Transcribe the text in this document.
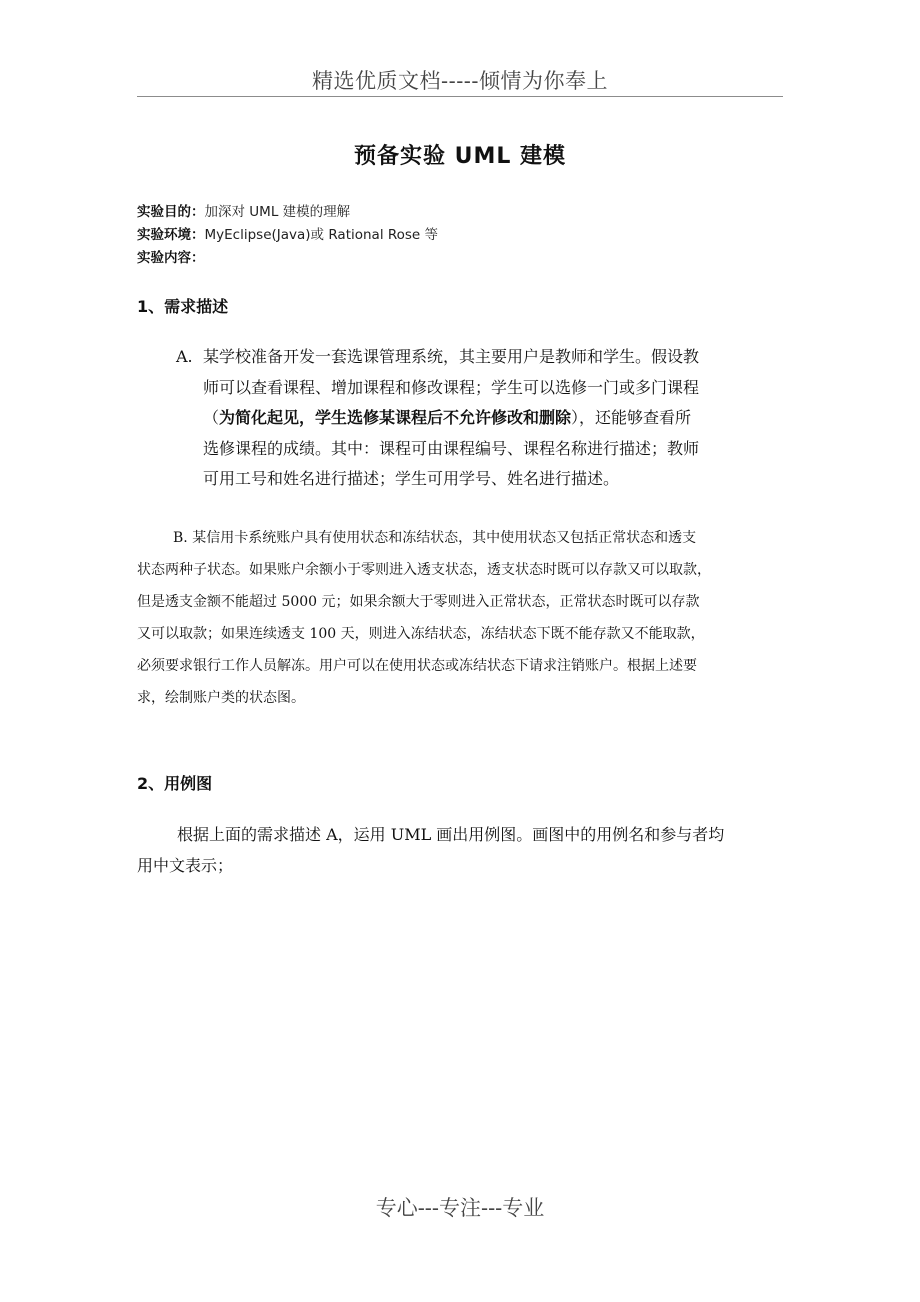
精选优质文档-----倾情为你奉上
预备实验 UML 建模
实验目的：加深对 UML 建模的理解
实验环境：MyEclipse(Java)或 Rational Rose 等
实验内容：
1、需求描述
A. 某学校准备开发一套选课管理系统，其主要用户是教师和学生。假设教
师可以查看课程、增加课程和修改课程；学生可以选修一门或多门课程
（为简化起见，学生选修某课程后不允许修改和删除），还能够查看所
选修课程的成绩。其中：课程可由课程编号、课程名称进行描述；教师
可用工号和姓名进行描述；学生可用学号、姓名进行描述。
B. 某信用卡系统账户具有使用状态和冻结状态，其中使用状态又包括正常状态和透支
状态两种子状态。如果账户余额小于零则进入透支状态，透支状态时既可以存款又可以取款，
但是透支金额不能超过 5000 元；如果余额大于零则进入正常状态，正常状态时既可以存款
又可以取款；如果连续透支 100 天，则进入冻结状态，冻结状态下既不能存款又不能取款，
必须要求银行工作人员解冻。用户可以在使用状态或冻结状态下请求注销账户。根据上述要
求，绘制账户类的状态图。
2、用例图
根据上面的需求描述 A，运用 UML 画出用例图。画图中的用例名和参与者均
用中文表示；
专心---专注---专业
